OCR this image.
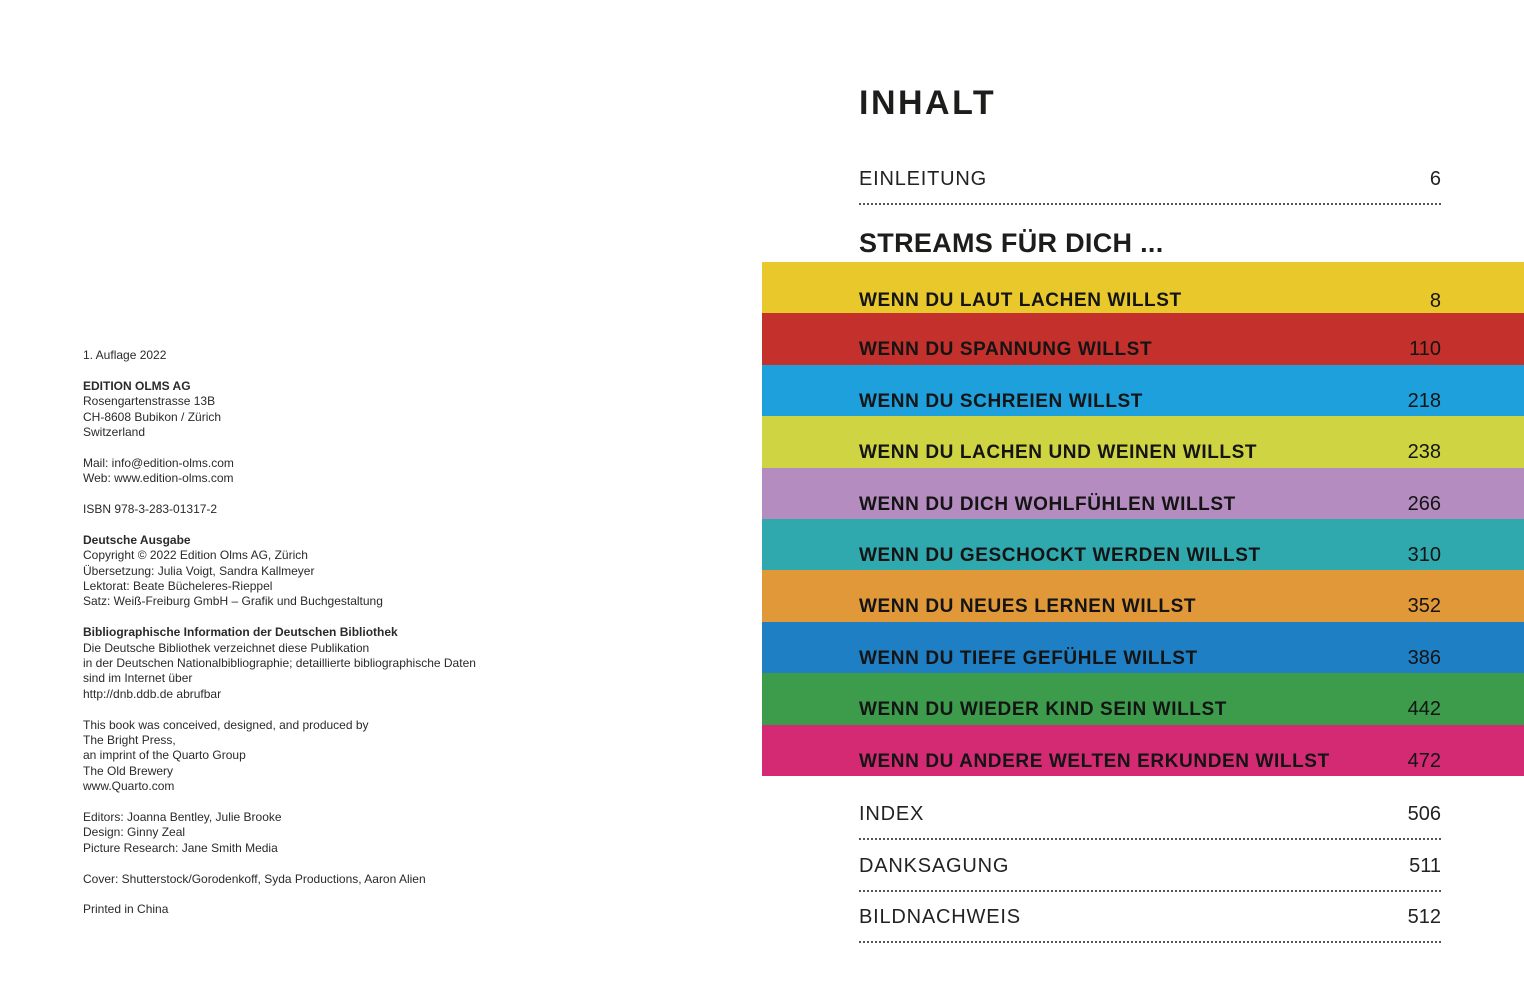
1. Auflage 2022

EDITION OLMS AG
Rosengartenstrasse 13B
CH-8608 Bubikon / Zürich
Switzerland

Mail: info@edition-olms.com
Web: www.edition-olms.com

ISBN 978-3-283-01317-2

Deutsche Ausgabe
Copyright © 2022 Edition Olms AG, Zürich
Übersetzung: Julia Voigt, Sandra Kallmeyer
Lektorat: Beate Bücheleres-Rieppel
Satz: Weiß-Freiburg GmbH – Grafik und Buchgestaltung

Bibliographische Information der Deutschen Bibliothek
Die Deutsche Bibliothek verzeichnet diese Publikation
in der Deutschen Nationalbibliographie; detaillierte bibliographische Daten
sind im Internet über
http://dnb.ddb.de abrufbar

This book was conceived, designed, and produced by
The Bright Press,
an imprint of the Quarto Group
The Old Brewery
www.Quarto.com

Editors: Joanna Bentley, Julie Brooke
Design: Ginny Zeal
Picture Research: Jane Smith Media

Cover: Shutterstock/Gorodenkoff, Syda Productions, Aaron Alien

Printed in China

INHALT
EINLEITUNG	6
STREAMS FÜR DICH ...
WENN DU LAUT LACHEN WILLST	8
WENN DU SPANNUNG WILLST	110
WENN DU SCHREIEN WILLST	218
WENN DU LACHEN UND WEINEN WILLST	238
WENN DU DICH WOHLFÜHLEN WILLST	266
WENN DU GESCHOCKT WERDEN WILLST	310
WENN DU NEUES LERNEN WILLST	352
WENN DU TIEFE GEFÜHLE WILLST	386
WENN DU WIEDER KIND SEIN WILLST	442
WENN DU ANDERE WELTEN ERKUNDEN WILLST	472
INDEX	506
DANKSAGUNG	511
BILDNACHWEIS	512
